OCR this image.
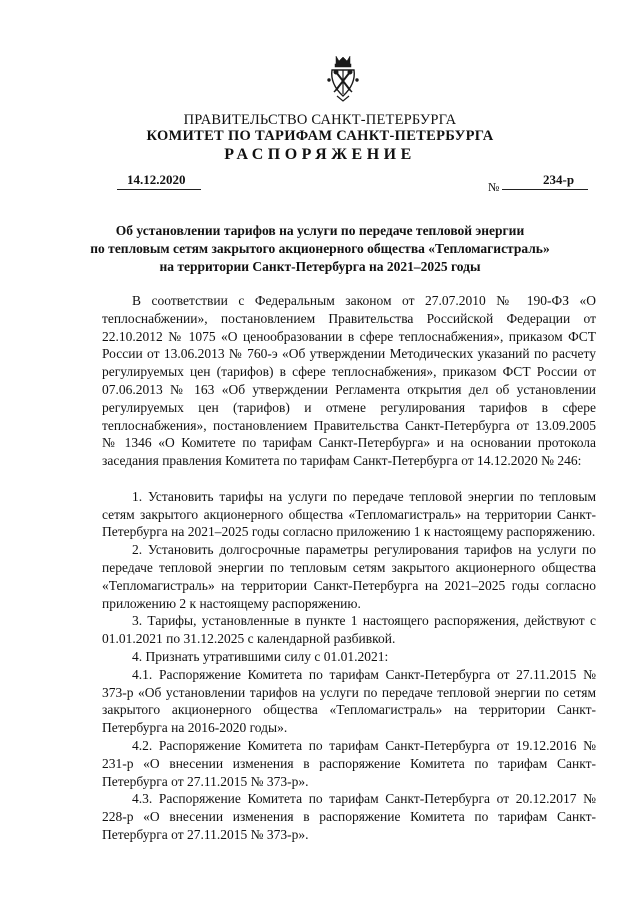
ПРАВИТЕЛЬСТВО САНКТ-ПЕТЕРБУРГА
КОМИТЕТ ПО ТАРИФАМ САНКТ-ПЕТЕРБУРГА
РАСПОРЯЖЕНИЕ
14.12.2020	№	234-р
Об установлении тарифов на услуги по передаче тепловой энергии
по тепловым сетям закрытого акционерного общества «Тепломагистраль»
на территории Санкт-Петербурга на 2021–2025 годы

В соответствии с Федеральным законом от 27.07.2010 № 190-ФЗ «О теплоснабжении», постановлением Правительства Российской Федерации от 22.10.2012 № 1075 «О ценообразовании в сфере теплоснабжения», приказом ФСТ России от 13.06.2013 № 760-э «Об утверждении Методических указаний по расчету регулируемых цен (тарифов) в сфере теплоснабжения», приказом ФСТ России от 07.06.2013 № 163 «Об утверждении Регламента открытия дел об установлении регулируемых цен (тарифов) и отмене регулирования тарифов в сфере теплоснабжения», постановлением Правительства Санкт-Петербурга от 13.09.2005 № 1346 «О Комитете по тарифам Санкт-Петербурга» и на основании протокола заседания правления Комитета по тарифам Санкт-Петербурга от 14.12.2020 № 246:

1. Установить тарифы на услуги по передаче тепловой энергии по тепловым сетям закрытого акционерного общества «Тепломагистраль» на территории Санкт-Петербурга на 2021–2025 годы согласно приложению 1 к настоящему распоряжению.

2. Установить долгосрочные параметры регулирования тарифов на услуги по передаче тепловой энергии по тепловым сетям закрытого акционерного общества «Тепломагистраль» на территории Санкт-Петербурга на 2021–2025 годы согласно приложению 2 к настоящему распоряжению.

3. Тарифы, установленные в пункте 1 настоящего распоряжения, действуют с 01.01.2021 по 31.12.2025 с календарной разбивкой.

4. Признать утратившими силу с 01.01.2021:

4.1. Распоряжение Комитета по тарифам Санкт-Петербурга от 27.11.2015 № 373-р «Об установлении тарифов на услуги по передаче тепловой энергии по сетям закрытого акционерного общества «Тепломагистраль» на территории Санкт-Петербурга на 2016-2020 годы».

4.2. Распоряжение Комитета по тарифам Санкт-Петербурга от 19.12.2016 № 231-р «О внесении изменения в распоряжение Комитета по тарифам Санкт-Петербурга от 27.11.2015 № 373-р».

4.3. Распоряжение Комитета по тарифам Санкт-Петербурга от 20.12.2017 № 228-р «О внесении изменения в распоряжение Комитета по тарифам Санкт-Петербурга от 27.11.2015 № 373-р».
